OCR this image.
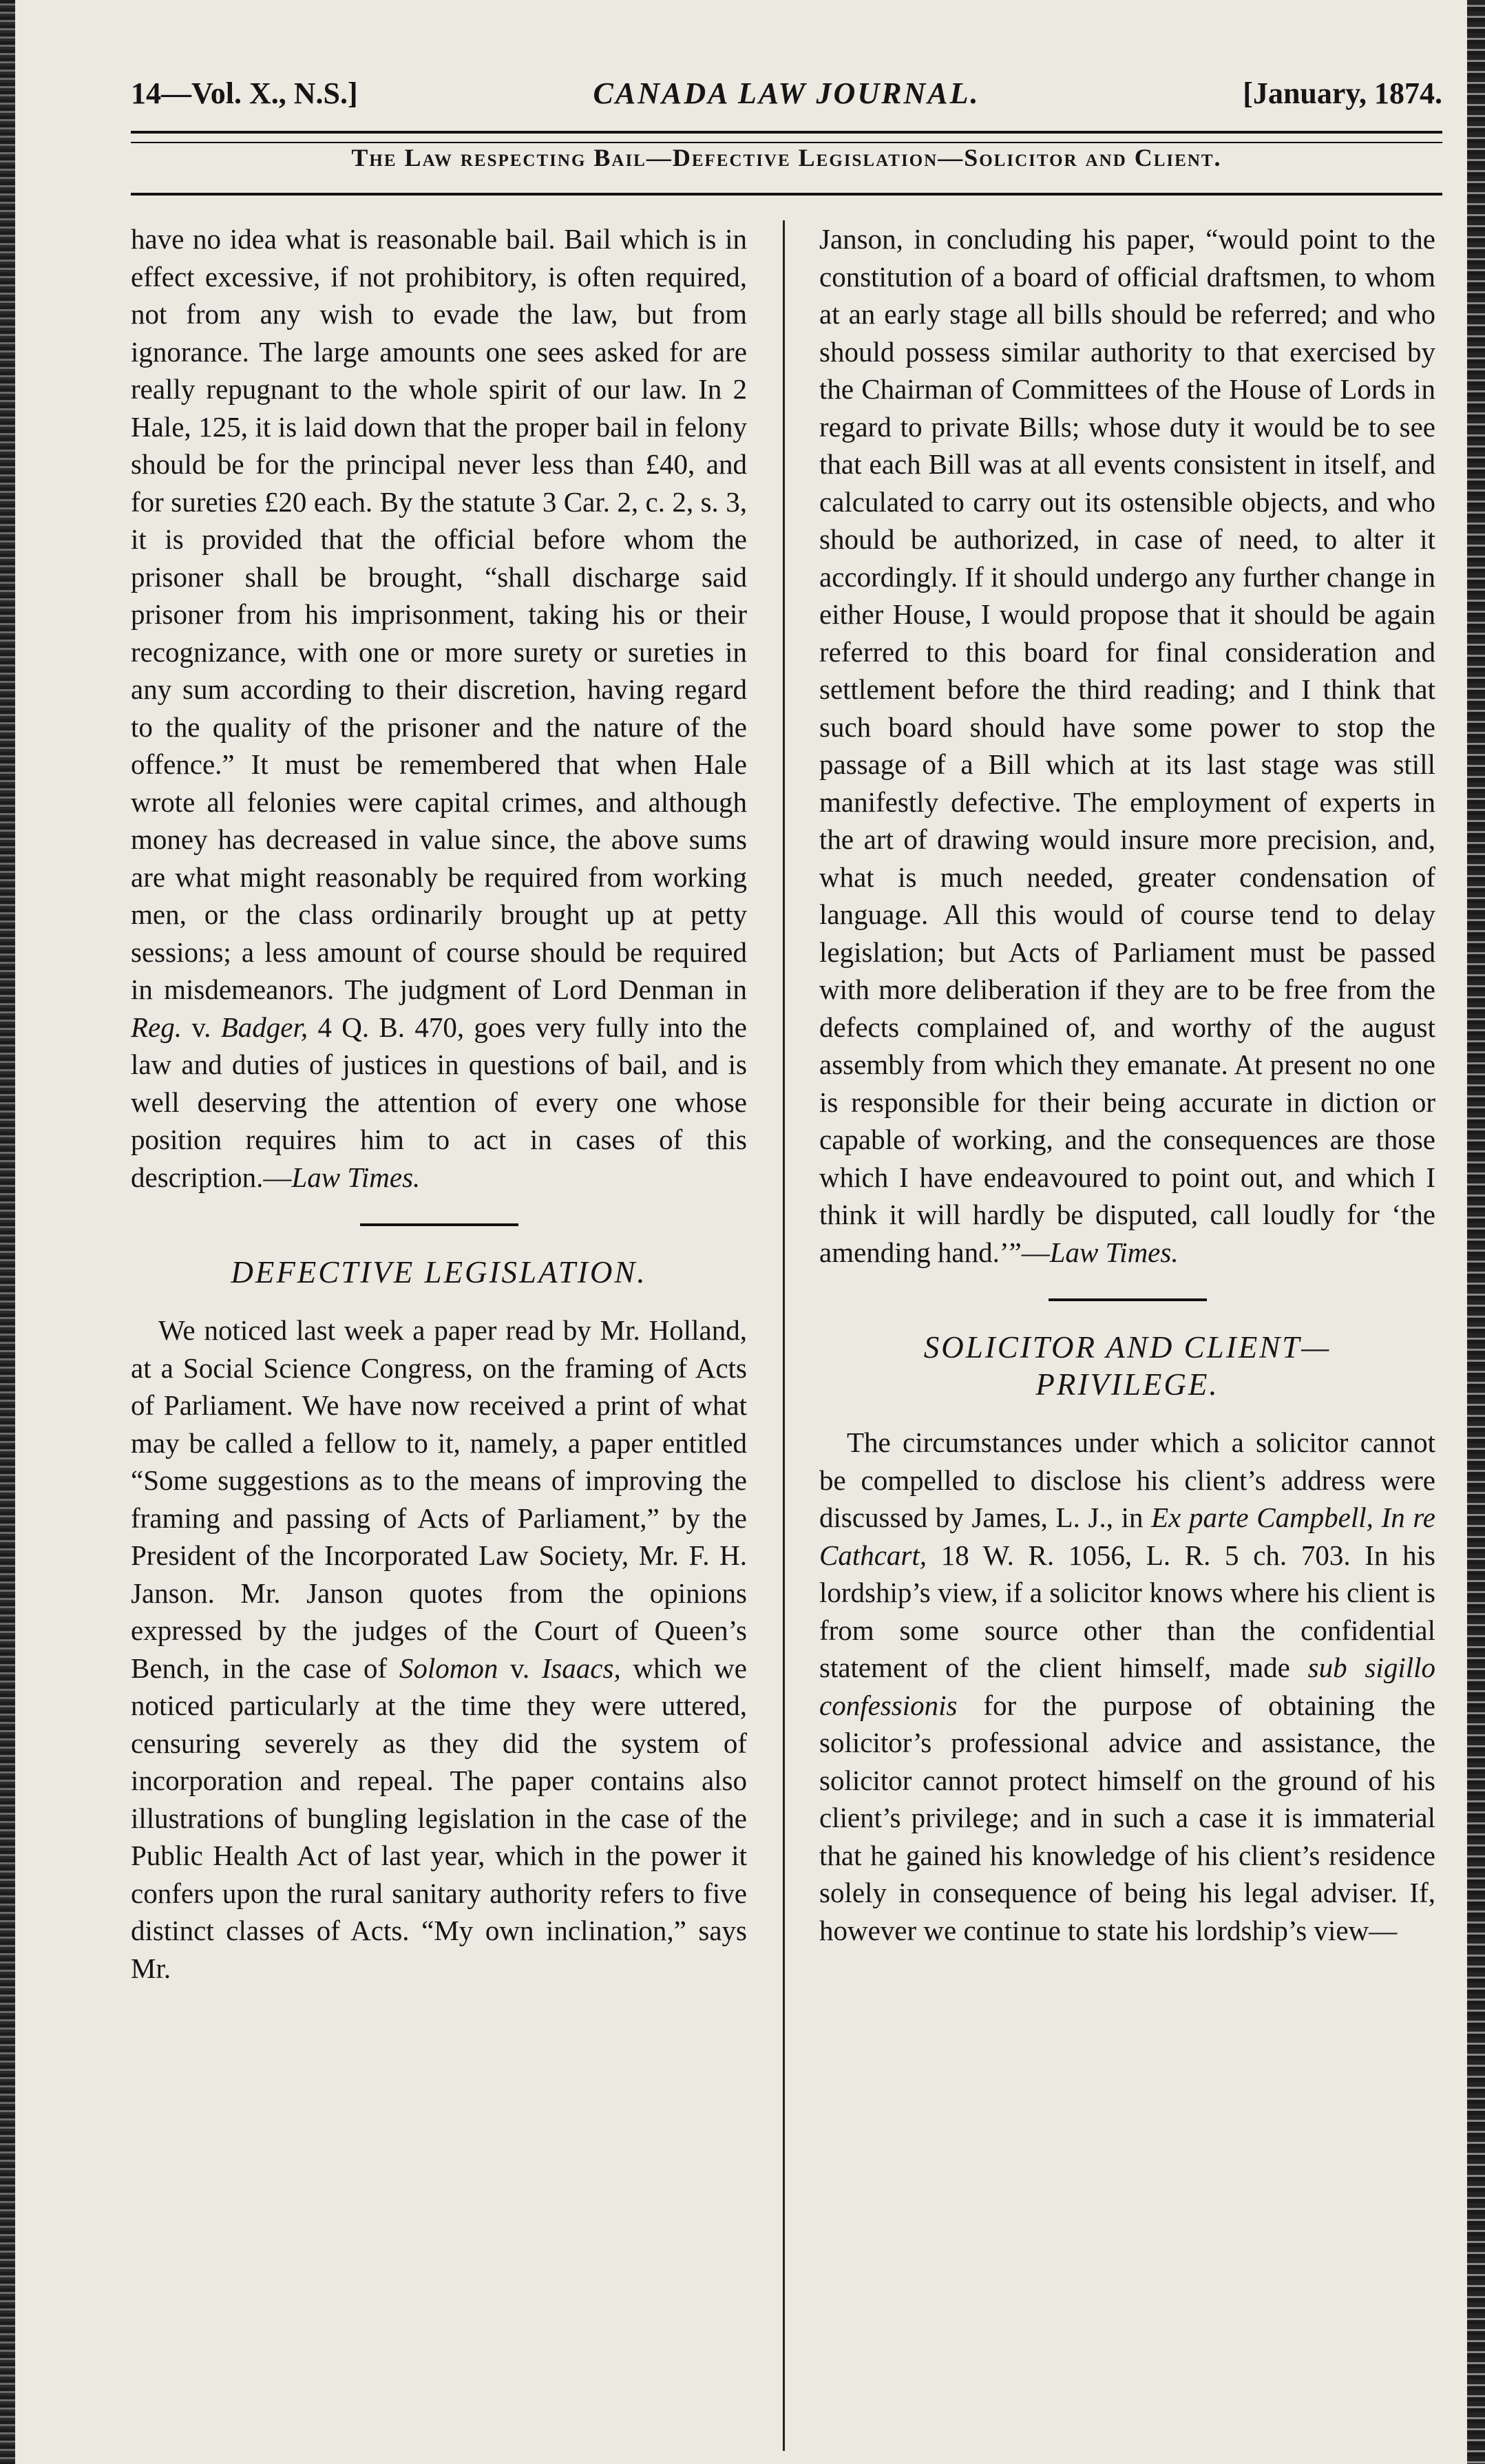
14—Vol. X., N.S.]	CANADA LAW JOURNAL.	[January, 1874.
The Law respecting Bail—Defective Legislation—Solicitor and Client.

have no idea what is reasonable bail. Bail which is in effect excessive, if not prohibitory, is often required, not from any wish to evade the law, but from ignorance. The large amounts one sees asked for are really repugnant to the whole spirit of our law. In 2 Hale, 125, it is laid down that the proper bail in felony should be for the principal never less than £40, and for sureties £20 each. By the statute 3 Car. 2, c. 2, s. 3, it is provided that the official before whom the prisoner shall be brought, “shall discharge said prisoner from his imprisonment, taking his or their recognizance, with one or more surety or sureties in any sum according to their discretion, having regard to the quality of the prisoner and the nature of the offence.” It must be remembered that when Hale wrote all felonies were capital crimes, and although money has decreased in value since, the above sums are what might reasonably be required from working men, or the class ordinarily brought up at petty sessions; a less amount of course should be required in misdemeanors. The judgment of Lord Denman in Reg. v. Badger, 4 Q. B. 470, goes very fully into the law and duties of justices in questions of bail, and is well deserving the attention of every one whose position requires him to act in cases of this description.—Law Times.

DEFECTIVE LEGISLATION.

We noticed last week a paper read by Mr. Holland, at a Social Science Congress, on the framing of Acts of Parliament. We have now received a print of what may be called a fellow to it, namely, a paper entitled “Some suggestions as to the means of improving the framing and passing of Acts of Parliament,” by the President of the Incorporated Law Society, Mr. F. H. Janson. Mr. Janson quotes from the opinions expressed by the judges of the Court of Queen’s Bench, in the case of Solomon v. Isaacs, which we noticed particularly at the time they were uttered, censuring severely as they did the system of incorporation and repeal. The paper contains also illustrations of bungling legislation in the case of the Public Health Act of last year, which in the power it confers upon the rural sanitary authority refers to five distinct classes of Acts. “My own inclination,” says Mr.

Janson, in concluding his paper, “would point to the constitution of a board of official draftsmen, to whom at an early stage all bills should be referred; and who should possess similar authority to that exercised by the Chairman of Committees of the House of Lords in regard to private Bills; whose duty it would be to see that each Bill was at all events consistent in itself, and calculated to carry out its ostensible objects, and who should be authorized, in case of need, to alter it accordingly. If it should undergo any further change in either House, I would propose that it should be again referred to this board for final consideration and settlement before the third reading; and I think that such board should have some power to stop the passage of a Bill which at its last stage was still manifestly defective. The employment of experts in the art of drawing would insure more precision, and, what is much needed, greater condensation of language. All this would of course tend to delay legislation; but Acts of Parliament must be passed with more deliberation if they are to be free from the defects complained of, and worthy of the august assembly from which they emanate. At present no one is responsible for their being accurate in diction or capable of working, and the consequences are those which I have endeavoured to point out, and which I think it will hardly be disputed, call loudly for ‘the amending hand.’”—Law Times.

SOLICITOR AND CLIENT—
PRIVILEGE.

The circumstances under which a solicitor cannot be compelled to disclose his client’s address were discussed by James, L. J., in Ex parte Campbell, In re Cathcart, 18 W. R. 1056, L. R. 5 ch. 703. In his lordship’s view, if a solicitor knows where his client is from some source other than the confidential statement of the client himself, made sub sigillo confessionis for the purpose of obtaining the solicitor’s professional advice and assistance, the solicitor cannot protect himself on the ground of his client’s privilege; and in such a case it is immaterial that he gained his knowledge of his client’s residence solely in consequence of being his legal adviser. If, however we continue to state his lordship’s view—
